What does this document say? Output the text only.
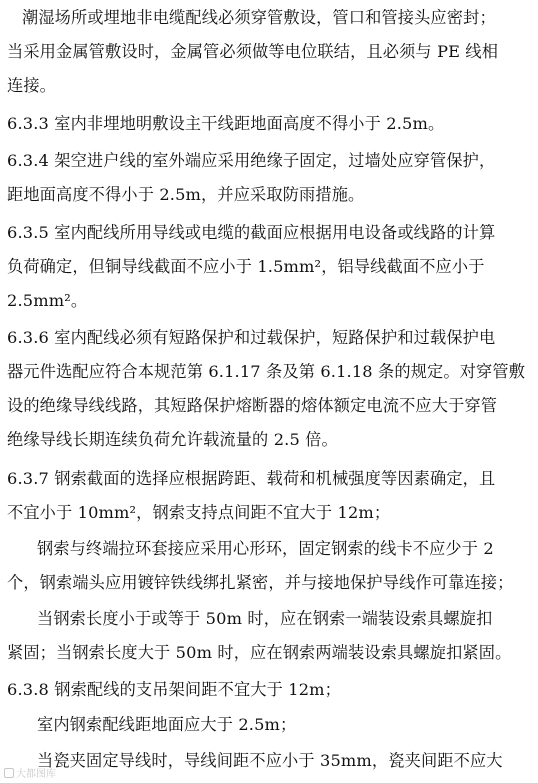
潮湿场所或埋地非电缆配线必须穿管敷设，管口和管接头应密封；
当采用金属管敷设时，金属管必须做等电位联结，且必须与 PE 线相
连接。
6.3.3 室内非埋地明敷设主干线距地面高度不得小于 2.5m。
6.3.4 架空进户线的室外端应采用绝缘子固定，过墙处应穿管保护，
距地面高度不得小于 2.5m，并应采取防雨措施。
6.3.5 室内配线所用导线或电缆的截面应根据用电设备或线路的计算
负荷确定，但铜导线截面不应小于 1.5mm²，铝导线截面不应小于
2.5mm²。
6.3.6 室内配线必须有短路保护和过载保护，短路保护和过载保护电
器元件选配应符合本规范第 6.1.17 条及第 6.1.18 条的规定。对穿管敷
设的绝缘导线线路，其短路保护熔断器的熔体额定电流不应大于穿管
绝缘导线长期连续负荷允许载流量的 2.5 倍。
6.3.7 钢索截面的选择应根据跨距、载荷和机械强度等因素确定，且
不宜小于 10mm²，钢索支持点间距不宜大于 12m；
钢索与终端拉环套接应采用心形环，固定钢索的线卡不应少于 2
个，钢索端头应用镀锌铁线绑扎紧密，并与接地保护导线作可靠连接；
当钢索长度小于或等于 50m 时，应在钢索一端装设索具螺旋扣
紧固；当钢索长度大于 50m 时，应在钢索两端装设索具螺旋扣紧固。
6.3.8 钢索配线的支吊架间距不宜大于 12m；
室内钢索配线距地面应大于 2.5m；
当瓷夹固定导线时，导线间距不应小于 35mm，瓷夹间距不应大
大都图库
